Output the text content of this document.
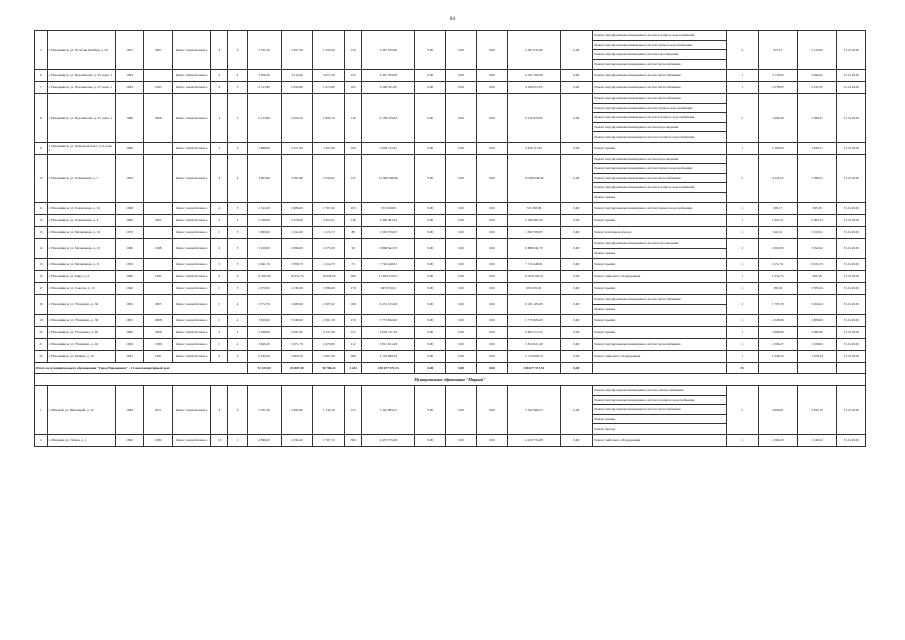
84
5	г. Новодвинск, ул. 50-летия Октября, д. 42	1961	2007	Кирп./ шлакоблочны е	4	3	2 531,20	2 297,20	1 522,00	132	2 367 035,96	0,00	0,00	0,00	2 367 035,96	0,00	Ремонт внутридомовых инженерных систем холодного водоснабжения
Ремонт внутридомовых инженерных систем горячего водоснабжения
Ремонт внутридомовых инженерных систем водоотведения
Ремонт внутридомовых инженерных систем теплоснабжения	4	975,15	2 310,69	31.12.2018
6	г. Новодвинск, ул. Ворошилова, д. 35, корп. 1	1964		Кирп./ шлакоблочны е	4	4	3 658,20	3 316,40	2 671,50	152	6 347 709,96	0,00	0,00	0,00	6 347 709,96	0,00	Ремонт внутридомовых инженерных систем теплоснабжения	1	2 776,93	3 490,02	31.12.2018
7	г. Новодвинск, ул. Ворошилова, д. 37, корп. 1	1963	1995	Кирп./ шлакоблочны е	4	3	2 517,80	2 056,90	1 673,60	102	4 590 611,85	0,00	0,00	0,00	4 590 611,85	0,00	Ремонт внутридомовых инженерных систем теплоснабжения	1	2 278,85	2 231,65	31.12.2018
8	г. Новодвинск, ул. Ворошилова, д. 37, корп. 1	1966	2008	Кирп./ шлакоблочны е	4	3	2 513,90	2 054,50	1 850,10	116	9 139 479,82	0,00	0,00	0,00	9 139 479,82	0,00	Ремонт внутридомовых инженерных систем теплоснабжения
Ремонт внутридомовых инженерных систем горячего водоснабжения
Ремонт внутридомовых инженерных систем холодного водоснабжения
Ремонт внутридомовых инженерных систем водоотведения
Ремонт внутридомовых инженерных систем холодного водоснабжения	5	4 306,29	7 098,31	31.12.2018
9	г. Новодвинск, ул. Добровольского, д. 6, корп. 1	1946		Кирп./ шлакоблочны е	5	3	5 898,90	5 271,90	3 397,80	190	3 056 112,81	0,00	0,00	0,00	3 056 112,81	0,00	Ремонт крыши	1	1 583,64	3 958,11	31.12.2018
10	г. Новодвинск, ул. Хламенкова, д. 7	1963		Кирп./ шлакоблочны е	4	4	3 903,90	3 581,80	2 554,62	131	15 908 048,40	0,00	0,00	0,00	15 908 048,40	0,00	Ремонт внутридомовых инженерных систем водоотведения
Ремонт внутридомовых инженерных систем горячего водоснабжения
Ремонт внутридомовых инженерных систем теплоснабжения
Ремонт внутридомовых инженерных систем холодного водоснабжения
Ремонт крыши	5	4 118,52	7 098,31	31.12.2018
11	г. Новодвинск, ул. Хламенкова, д. 34	1968		Кирп./ шлакоблочны е	4	3	2 141,00	2 486,00	1 767,60	105	725 258,86	0,00	0,00	0,00	725 258,86	0,00	Ремонт внутридомовых инженерных систем горячего водоснабжения	1	303,17	395,30	31.12.2018
12	г. Новодвинск, ул. Хламенкова, д. 4	1962	2002	Кирп./ шлакоблочны е	4	4	5 749,90	5 278,00	2 455,21	136	5 308 983,24	0,00	0,00	0,00	5 308 983,24	0,00	Ремонт крыши	1	1 891,21	5 384,13	31.12.2018
13	г. Новодвинск, ул. Мельникова, д. 10	1970		Кирп./ шлакоблочны е	5	3	1 896,90	1 612,00	1 115,72	80	1 563 709,05	0,00	0,00	0,00	1 563 709,05	0,00	Ремонт или замена фасада	1	942,61	3 193,91	31.12.2018
14	г. Новодвинск, ул. Мельникова, д. 15	1960	1998	Кирп./ шлакоблочны е	4	3	3 229,00	2 996,60	1 073,50	93	6 868 642,70	0,00	0,00	0,00	6 868 642,70	0,00	Ремонт внутридомовых инженерных систем водоотведения
Ремонт крыши	2	4 302,09	7 292,62	31.12.2018
15	г. Новодвинск, ул. Мельникова, д. 8	1959		Кирп./ шлакоблочны е	3	3	2 041,70	1 858,70	1 214,70	73	7 716 448,81	0,00	0,00	0,00	7 716 448,81	0,00	Ремонт крыши	1	4 151,51	6 615,79	31.12.2018
16	г. Новодвинск, ул. Мира, д. 9	1982	1982	Кирп./ шлакоблочны е	9	6	11 993,90	10 451,70	10 650,00	560	11 826 229,21	0,00	0,00	0,00	11 826 229,21	0,00	Ремонт лифтового оборудования	1	1 032,75	365,58	31.12.2018
17	г. Новодвинск, ул. Советов, д. 13	1946		Кирп./ шлакоблочны е	5	3	2 070,90	2 136,30	1 080,00	179	603 676,92	0,00	0,00	0,00	603 676,92	0,00	Ремонт крыши	1	185,81	3 585,64	31.12.2018
18	г. Новодвинск, ул. Уборевича, д. 36	1965	2005	Кирп./ шлакоблочны е	5	4	3 772,70	3 489,90	2 307,02	166	6 231 105,66	0,00	0,00	0,00	6 231 105,66	0,00	Ремонт внутридомовых инженерных систем теплоснабжения
Ремонт крыши	2	1 785,79	5 264,04	31.12.2018
19	г. Новодвинск, ул. Уборевича, д. 38	1965	2008	Кирп./ шлакоблочны е	5	4	3 826,90	3 546,90	2 361,30	170	5 775 826,90	0,00	0,00	0,00	5 775 826,90	0,00	Ремонт крыши	1	1 628,80	1 828,84	31.12.2018
20	г. Новодвинск, ул. Уборевича, д. 40	1962	2009	Кирп./ шлакоблочны е	4	4	2 498,90	2 831,90	2 151,99	127	9 602 511,54	0,00	0,00	0,00	9 602 511,54	0,00	Ремонт крыши	1	3 380,60	3 380,60	31.12.2018
21	г. Новодвинск, ул. Уборевича, д. 40	1969	1999	Кирп./ шлакоблочны е	5	4	3 846,30	3 671,70	2 470,80	112	3 813 021,49	0,00	0,00	0,00	3 813 021,49	0,00	Ремонт внутридомовых инженерных систем теплоснабжения	1	1 066,27	1 458,82	31.12.2018
22	г. Новодвинск, ул. Кипича, д. 10	1981	1981	Кирп./ шлакоблочны е	9	3	6 244,20	5 600,20	5 067,44	286	5 719 069,54	0,00	0,00	0,00	5 719 069,54	0,00	Ремонт лифтового оборудования	1	1 028,24	1 078,34	31.12.2018
Итого по муниципальному образованию "Город Новодвинск" - 21 многоквартирный дом:							72 447,60	65 887,50	50 786,24	2 242	138 677 571,53	0,00	0,00	0,00	138 677 571,53	0,00		35			
Муниципальное образование "Мирный"																					
1	г. Мирный, ул. Школьный, д. 10	1984	2011	Кирп./ шлакоблочны е	4	3	3 191,30	2 692,90	1 134,10	121	7 342 909,25	0,00	0,00	0,00	7 342 909,25	0,00	Ремонт внутридомовых инженерных систем электроснабжения
Ремонт внутридомовых инженерных систем холодного водоснабжения
Ремонт внутридомовых инженерных систем теплоснабжения
Ремонт крыши
Ремонт фасада	5	3 960,61	2 833,79	31.12.2018
2	г. Мирный, ул. Гагина, д. 1	1982	1982	Кирп./ шлакоблочны е	13	1	4 896,60	4 190,40	1 707,72	306	4 470 755,08	0,00	0,00	0,00	4 470 755,08	0,00	Ремонт лифтового оборудования	1	1 084,63	1 148,22	31.12.2018
